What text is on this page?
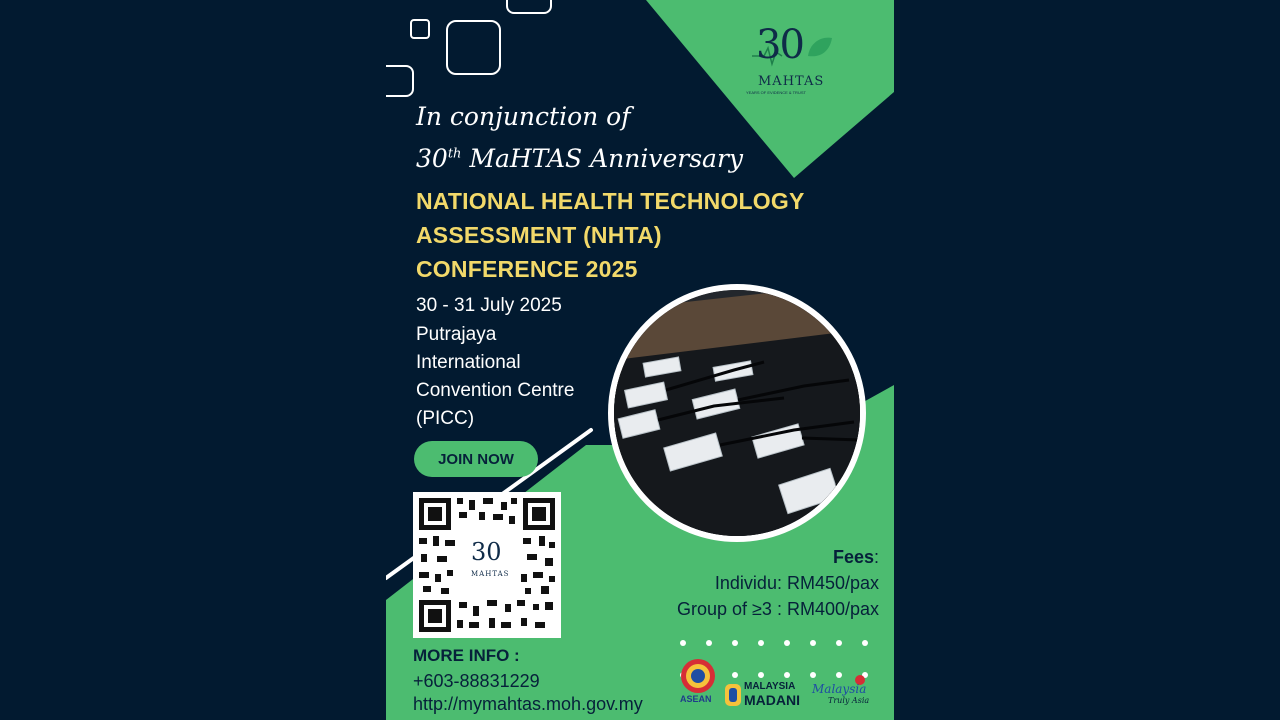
30
MAHTAS
YEARS OF EVIDENCE & TRUST
In conjunction of
30th MaHTAS Anniversary
NATIONAL HEALTH TECHNOLOGY
ASSESSMENT (NHTA)
CONFERENCE 2025
30 - 31 July 2025
Putrajaya
International
Convention Centre
(PICC)
JOIN NOW
30
MAHTAS
Fees:
Individu: RM450/pax
Group of ≥3 : RM400/pax
MORE INFO :
+603-88831229
http://mymahtas.moh.gov.my	ASEAN
MALAYSIA
MADANI
Malaysia
Truly Asia
